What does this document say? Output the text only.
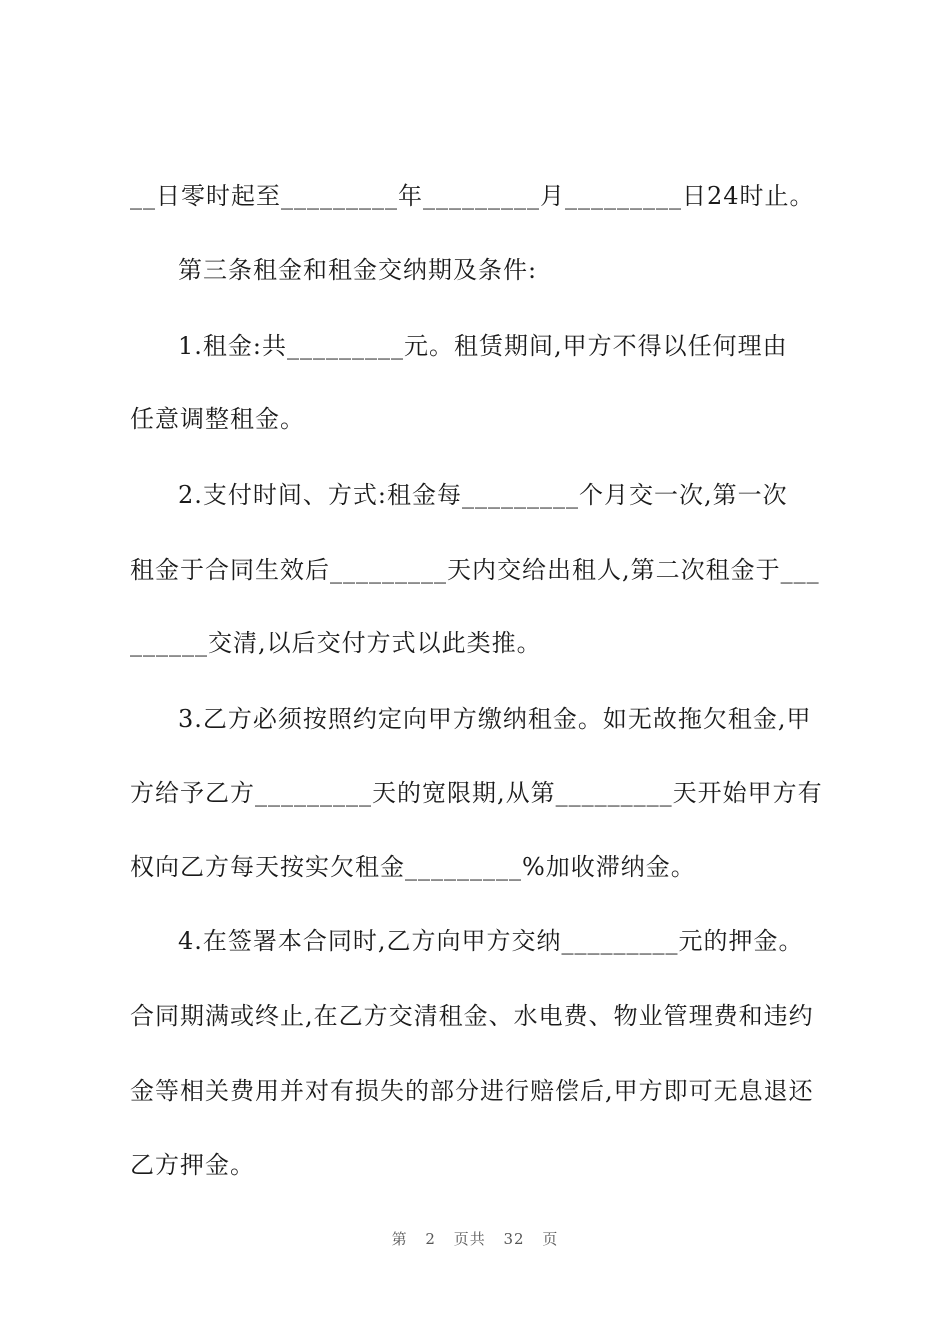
__日零时起至_________年_________月_________日24时止。
第三条租金和租金交纳期及条件:
1.租金:共_________元。租赁期间,甲方不得以任何理由
任意调整租金。
2.支付时间、方式:租金每_________个月交一次,第一次
租金于合同生效后_________天内交给出租人,第二次租金于___
______交清,以后交付方式以此类推。
3.乙方必须按照约定向甲方缴纳租金。如无故拖欠租金,甲
方给予乙方_________天的宽限期,从第_________天开始甲方有
权向乙方每天按实欠租金_________%加收滞纳金。
4.在签署本合同时,乙方向甲方交纳_________元的押金。
合同期满或终止,在乙方交清租金、水电费、物业管理费和违约
金等相关费用并对有损失的部分进行赔偿后,甲方即可无息退还
乙方押金。
第 2 页共 32 页
